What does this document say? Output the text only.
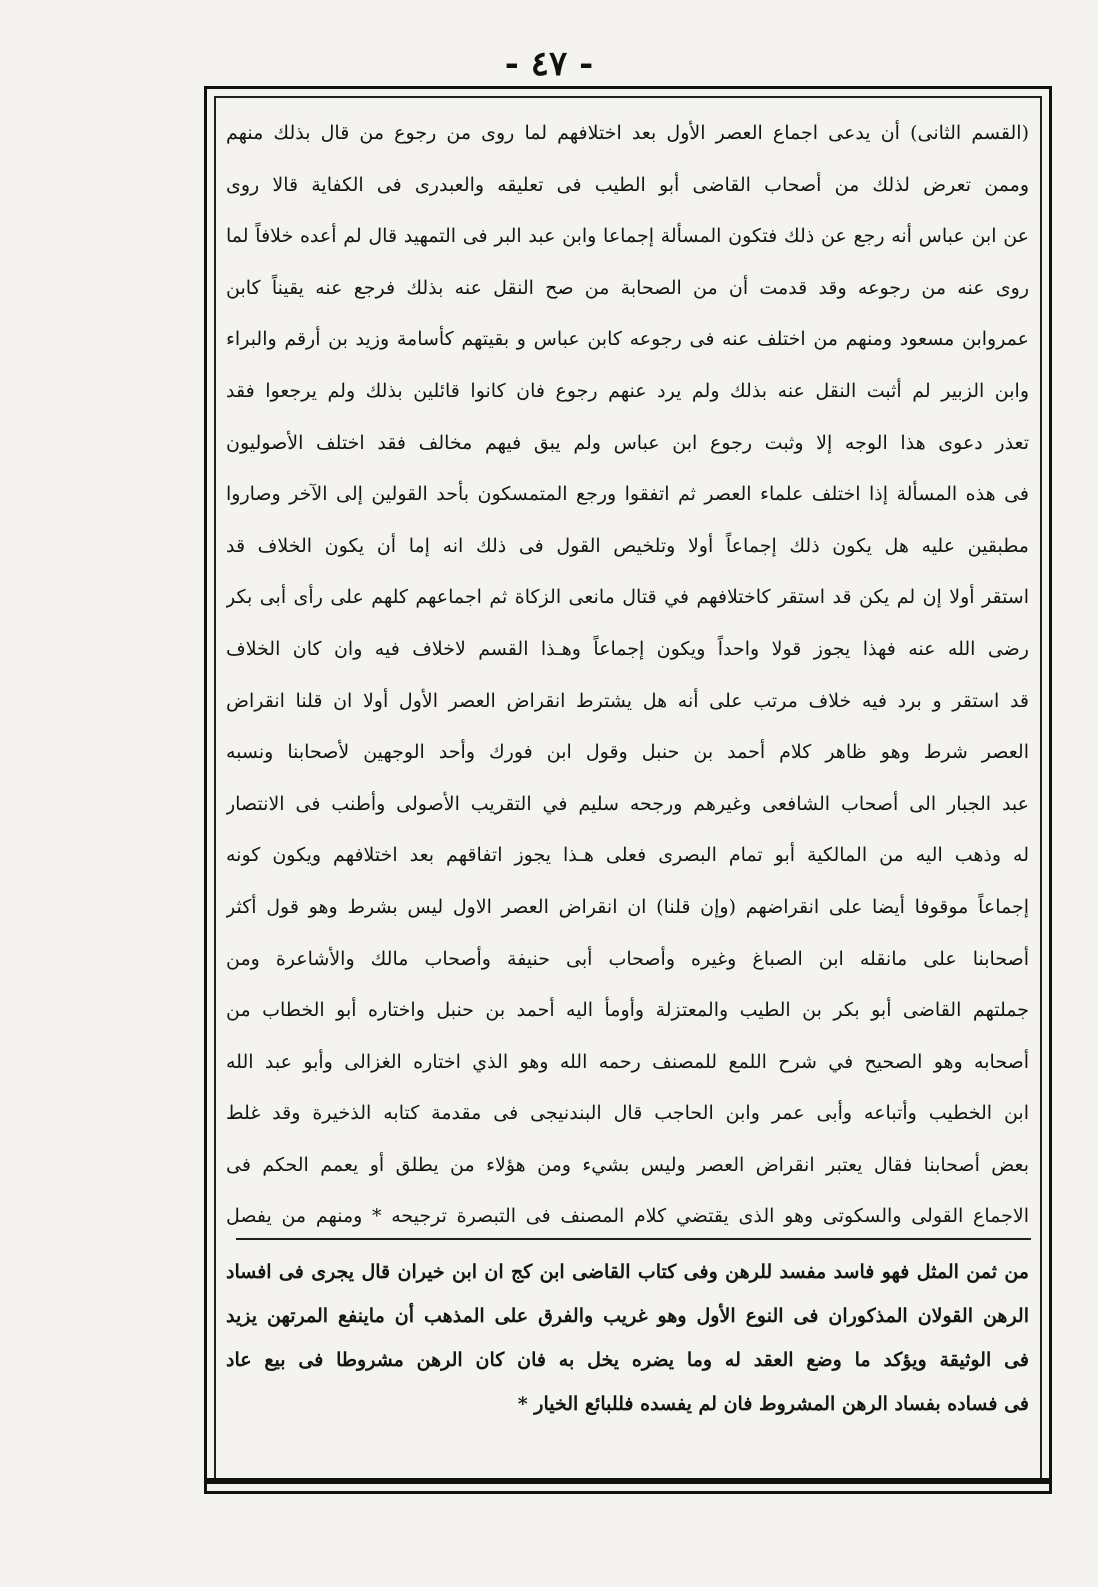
- ٤٧ -
(القسم الثانى) أن يدعى اجماع العصر الأول بعد اختلافهم لما روى من رجوع من قال بذلك منهم
وممن تعرض لذلك من أصحاب القاضى أبو الطيب فى تعليقه والعبدرى فى الكفاية قالا روى
عن ابن عباس أنه رجع عن ذلك فتكون المسألة إجماعا وابن عبد البر فى التمهيد قال لم أعده خلافاً لما
روى عنه من رجوعه وقد قدمت أن من الصحابة من صح النقل عنه بذلك فرجع عنه يقيناً كابن
عمروابن مسعود ومنهم من اختلف عنه فى رجوعه كابن عباس و بقيتهم كأسامة وزيد بن أرقم والبراء
وابن الزبير لم أثبت النقل عنه بذلك ولم يرد عنهم رجوع فان كانوا قائلين بذلك ولم يرجعوا فقد
تعذر دعوى هذا الوجه إلا وثبت رجوع ابن عباس ولم يبق فيهم مخالف فقد اختلف الأصوليون
فى هذه المسألة إذا اختلف علماء العصر ثم اتفقوا ورجع المتمسكون بأحد القولين إلى الآخر وصاروا
مطبقين عليه هل يكون ذلك إجماعاً أولا وتلخيص القول فى ذلك انه إما أن يكون الخلاف قد
استقر أولا إن لم يكن قد استقر كاختلافهم في قتال مانعى الزكاة ثم اجماعهم كلهم على رأى أبى بكر
رضى الله عنه فهذا يجوز قولا واحداً ويكون إجماعاً وهـذا القسم لاخلاف فيه وان كان الخلاف
قد استقر و برد فيه خلاف مرتب على أنه هل يشترط انقراض العصر الأول أولا ان قلنا انقراض
العصر شرط وهو ظاهر كلام أحمد بن حنبل وقول ابن فورك وأحد الوجهين لأصحابنا ونسبه
عبد الجبار الى أصحاب الشافعى وغيرهم ورجحه سليم في التقريب الأصولى وأطنب فى الانتصار
له وذهب اليه من المالكية أبو تمام البصرى فعلى هـذا يجوز اتفاقهم بعد اختلافهم ويكون كونه
إجماعاً موقوفا أيضا على انقراضهم (وإن قلنا) ان انقراض العصر الاول ليس بشرط وهو قول أكثر
أصحابنا على مانقله ابن الصباغ وغيره وأصحاب أبى حنيفة وأصحاب مالك والأشاعرة ومن
جملتهم القاضى أبو بكر بن الطيب والمعتزلة وأومأ اليه أحمد بن حنبل واختاره أبو الخطاب من
أصحابه وهو الصحيح في شرح اللمع للمصنف رحمه الله وهو الذي اختاره الغزالى وأبو عبد الله
ابن الخطيب وأتباعه وأبى عمر وابن الحاجب قال البندنيجى فى مقدمة كتابه الذخيرة وقد غلط
بعض أصحابنا فقال يعتبر انقراض العصر وليس بشيء ومن هؤلاء من يطلق أو يعمم الحكم فى
الاجماع القولى والسكوتى وهو الذى يقتضي كلام المصنف فى التبصرة ترجيحه * ومنهم من يفصل
من ثمن المثل فهو فاسد مفسد للرهن وفى كتاب القاضى ابن كج ان ابن خيران قال يجرى فى افساد
الرهن القولان المذكوران فى النوع الأول وهو غريب والفرق على المذهب أن ماينفع المرتهن يزيد
فى الوثيقة ويؤكد ما وضع العقد له وما يضره يخل به فان كان الرهن مشروطا فى بيع عاد
فى فساده بفساد الرهن المشروط فان لم يفسده فللبائع الخيار *
